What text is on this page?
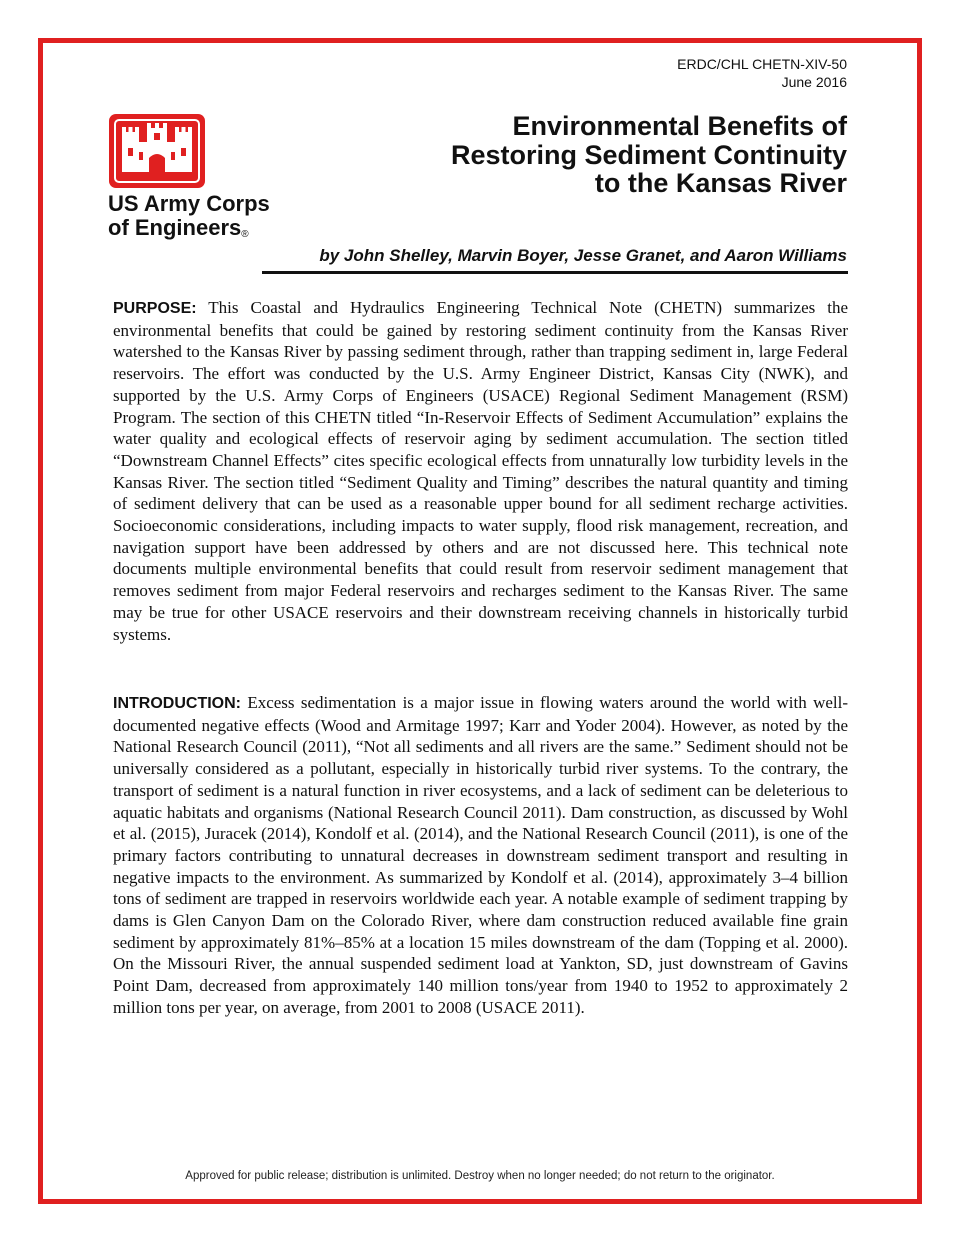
ERDC/CHL CHETN-XIV-50
June 2016
US Army Corps
of Engineers®
Environmental Benefits of
Restoring Sediment Continuity
to the Kansas River
by John Shelley, Marvin Boyer, Jesse Granet, and Aaron Williams

PURPOSE: This Coastal and Hydraulics Engineering Technical Note (CHETN) summarizes the environmental benefits that could be gained by restoring sediment continuity from the Kansas River watershed to the Kansas River by passing sediment through, rather than trapping sediment in, large Federal reservoirs. The effort was conducted by the U.S. Army Engineer District, Kansas City (NWK), and supported by the U.S. Army Corps of Engineers (USACE) Regional Sediment Management (RSM) Program. The section of this CHETN titled “In-Reservoir Effects of Sediment Accumulation” explains the water quality and ecological effects of reservoir aging by sediment accumulation. The section titled “Downstream Channel Effects” cites specific ecological effects from unnaturally low turbidity levels in the Kansas River. The section titled “Sediment Quality and Timing” describes the natural quantity and timing of sediment delivery that can be used as a reasonable upper bound for all sediment recharge activities. Socioeconomic considerations, including impacts to water supply, flood risk management, recreation, and navigation support have been addressed by others and are not discussed here. This technical note documents multiple environmental benefits that could result from reservoir sediment management that removes sediment from major Federal reservoirs and recharges sediment to the Kansas River. The same may be true for other USACE reservoirs and their downstream receiving channels in historically turbid systems.

INTRODUCTION: Excess sedimentation is a major issue in flowing waters around the world with well-documented negative effects (Wood and Armitage 1997; Karr and Yoder 2004). However, as noted by the National Research Council (2011), “Not all sediments and all rivers are the same.” Sediment should not be universally considered as a pollutant, especially in historically turbid river systems. To the contrary, the transport of sediment is a natural function in river ecosystems, and a lack of sediment can be deleterious to aquatic habitats and organisms (National Research Council 2011). Dam construction, as discussed by Wohl et al. (2015), Juracek (2014), Kondolf et al. (2014), and the National Research Council (2011), is one of the primary factors contributing to unnatural decreases in downstream sediment transport and resulting in negative impacts to the environment. As summarized by Kondolf et al. (2014), approximately 3–4 billion tons of sediment are trapped in reservoirs worldwide each year. A notable example of sediment trapping by dams is Glen Canyon Dam on the Colorado River, where dam construction reduced available fine grain sediment by approximately 81%–85% at a location 15 miles downstream of the dam (Topping et al. 2000). On the Missouri River, the annual suspended sediment load at Yankton, SD, just downstream of Gavins Point Dam, decreased from approximately 140 million tons/year from 1940 to 1952 to approximately 2 million tons per year, on average, from 2001 to 2008 (USACE 2011).

Approved for public release; distribution is unlimited. Destroy when no longer needed; do not return to the originator.
